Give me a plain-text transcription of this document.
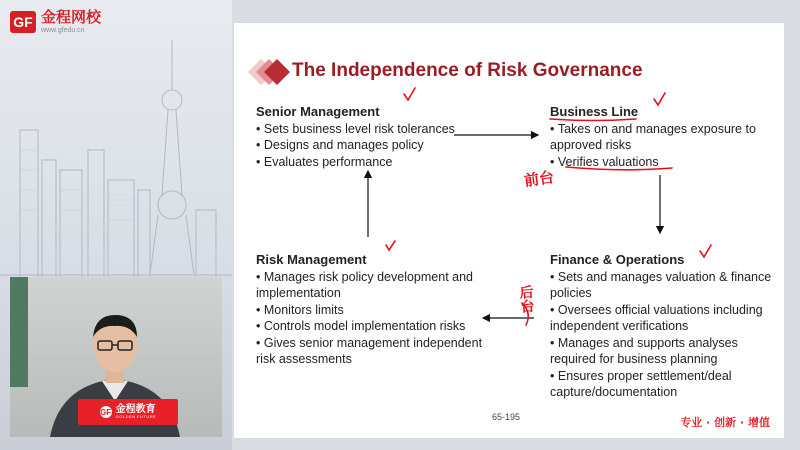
GF 金程网校
www.gfedu.cn
GF 金程教育
GOLDEN FUTURE
The Independence of Risk Governance
Senior Management
• Sets business level risk tolerances
• Designs and manages policy
• Evaluates performance
Business Line
• Takes on and manages exposure to approved risks
• Verifies valuations
Risk Management
• Manages risk policy development and implementation
• Monitors limits
• Controls model implementation risks
• Gives senior management independent risk assessments
Finance & Operations
• Sets and manages valuation & finance policies
• Oversees official valuations including independent verifications
• Manages and supports analyses required for business planning
• Ensures proper settlement/deal capture/documentation
前台
后台
65-195	专业 · 创新 · 增值
